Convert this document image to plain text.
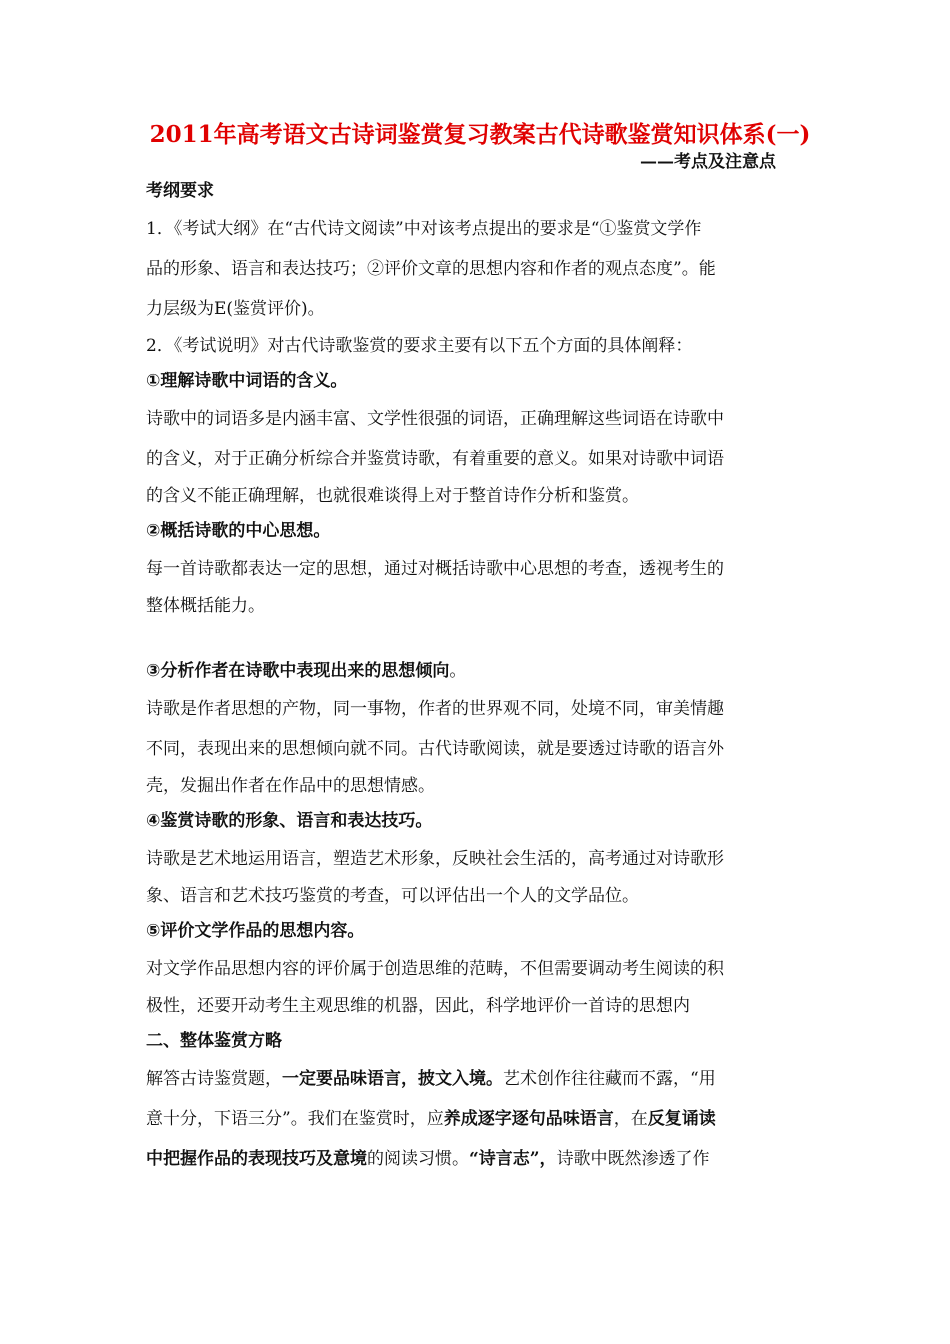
2011年高考语文古诗词鉴赏复习教案古代诗歌鉴赏知识体系(一)
——考点及注意点
考纲要求
1．《考试大纲》在“古代诗文阅读”中对该考点提出的要求是“①鉴赏文学作
品的形象、语言和表达技巧；②评价文章的思想内容和作者的观点态度”。能
力层级为E(鉴赏评价)。
2．《考试说明》对古代诗歌鉴赏的要求主要有以下五个方面的具体阐释：
①理解诗歌中词语的含义。
诗歌中的词语多是内涵丰富、文学性很强的词语，正确理解这些词语在诗歌中
的含义，对于正确分析综合并鉴赏诗歌，有着重要的意义。如果对诗歌中词语
的含义不能正确理解，也就很难谈得上对于整首诗作分析和鉴赏。
②概括诗歌的中心思想。
每一首诗歌都表达一定的思想，通过对概括诗歌中心思想的考查，透视考生的
整体概括能力。
③分析作者在诗歌中表现出来的思想倾向。
诗歌是作者思想的产物，同一事物，作者的世界观不同，处境不同，审美情趣
不同，表现出来的思想倾向就不同。古代诗歌阅读，就是要透过诗歌的语言外
壳，发掘出作者在作品中的思想情感。
④鉴赏诗歌的形象、语言和表达技巧。
诗歌是艺术地运用语言，塑造艺术形象，反映社会生活的，高考通过对诗歌形
象、语言和艺术技巧鉴赏的考查，可以评估出一个人的文学品位。
⑤评价文学作品的思想内容。
对文学作品思想内容的评价属于创造思维的范畴，不但需要调动考生阅读的积
极性，还要开动考生主观思维的机器，因此，科学地评价一首诗的思想内
二、整体鉴赏方略
解答古诗鉴赏题，一定要品味语言，披文入境。艺术创作往往藏而不露，“用
意十分，下语三分”。我们在鉴赏时，应养成逐字逐句品味语言，在反复诵读
中把握作品的表现技巧及意境的阅读习惯。“诗言志”，诗歌中既然渗透了作
